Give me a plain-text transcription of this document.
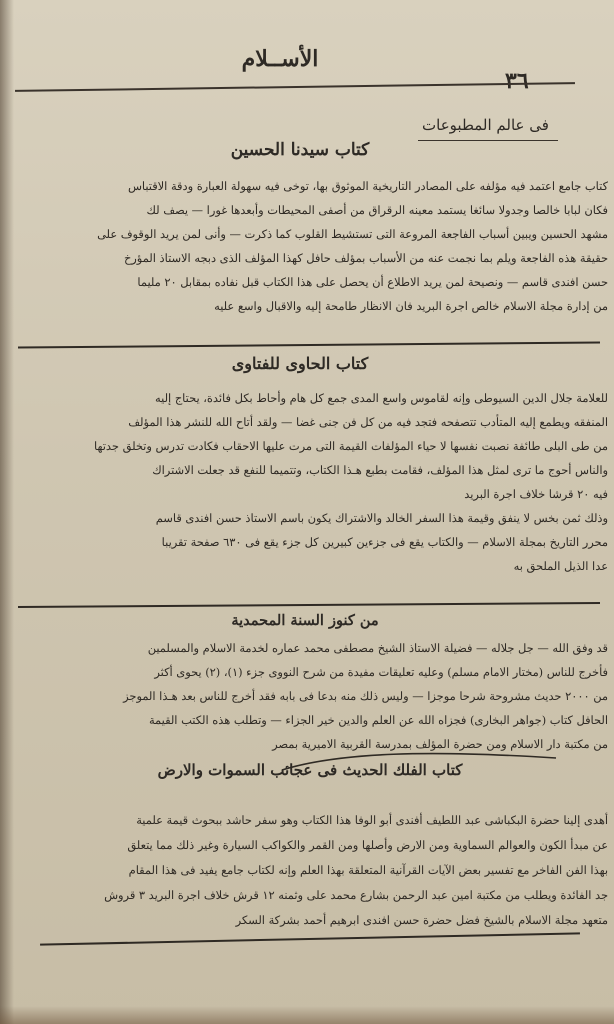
٣٦
الأســلام
فى عالم المطبوعات
كتاب سيدنا الحسين

كتاب جامع اعتمد فيه مؤلفه على المصادر التاريخية الموثوق بها، توخى فيه سهولة العبارة ودقة الاقتباس

فكان لبابا خالصا وجدولا سائغا يستمد معينه الرقراق من أصفى المحيطات وأبعدها غورا — يصف لك

مشهد الحسين ويبين أسباب الفاجعة المروعة التى تستشيط القلوب كما ذكرت — وأنى لمن يريد الوقوف على

حقيقة هذه الفاجعة ويلم بما نجمت عنه من الأسباب بمؤلف حافل كهذا المؤلف الذى دبجه الاستاذ المؤرخ

حسن افندى قاسم — ونصيحة لمن يريد الاطلاع أن يحصل على هذا الكتاب قبل نفاده بمقابل ٢٠ مليما

من إدارة مجلة الاسلام خالص اجرة البريد فان الانظار طامحة إليه والاقبال واسع عليه

كتاب الحاوى للفتاوى

للعلامة جلال الدين السيوطى وإنه لقاموس واسع المدى جمع كل هام وأحاط بكل فائدة، يحتاج إليه

المنفقه ويطمع إليه المتأدب تتصفحه فتجد فيه من كل فن جنى غضا — ولقد أتاح الله للنشر هذا المؤلف

من طى البلى طائفة نصبت نفسها لا حياء المؤلفات القيمة التى مرت عليها الاحقاب فكادت تدرس وتخلق جدتها

والناس أحوج ما ترى لمثل هذا المؤلف، فقامت بطبع هـذا الكتاب، وتتميما للنفع قد جعلت الاشتراك

فيه ٢٠ قرشا خلاف اجرة البريد

وذلك ثمن بخس لا ينفق وقيمة هذا السفر الخالد والاشتراك يكون باسم الاستاذ حسن افندى قاسم

محرر التاريخ بمجلة الاسلام — والكتاب يقع فى جزءين كبيرين كل جزء يقع فى ٦٣٠ صفحة تقريبا

عدا الذيل الملحق به

من كنوز السنة المحمدية

قد وفق الله — جل جلاله — فضيلة الاستاذ الشيخ مصطفى محمد عماره لخدمة الاسلام والمسلمين

فأخرج للناس (مختار الامام مسلم) وعليه تعليقات مفيدة من شرح النووى جزء (١)، (٢) يحوى أكثر

من ٢٠٠٠ حديث مشروحة شرحا موجزا — وليس ذلك منه بدعا فى بابه فقد أخرج للناس بعد هـذا الموجز

الحافل كتاب (جواهر البخارى) فجزاه الله عن العلم والدين خير الجزاء — وتطلب هذه الكتب القيمة

من مكتبة دار الاسلام ومن حضرة المؤلف بمدرسة القربية الاميرية بمصر

كتاب الفلك الحديث فى عجائب السموات والارض

أهدى إلينا حضرة البكباشى عبد اللطيف أفندى أبو الوفا هذا الكتاب وهو سفر حاشد ببحوث قيمة علمية

عن مبدأ الكون والعوالم السماوية ومن الارض وأصلها ومن القمر والكواكب السيارة وغير ذلك مما يتعلق

بهذا الفن الفاخر مع تفسير بعض الآيات القرآنية المتعلقة بهذا العلم وإنه لكتاب جامع يفيد فى هذا المقام

جد الفائدة ويطلب من مكتبة امين عبد الرحمن بشارع محمد على وثمنه ١٢ قرش خلاف اجرة البريد ٣ قروش

متعهد مجلة الاسلام بالشيخ فضل حضرة حسن افندى ابرهيم أحمد بشركة السكر
